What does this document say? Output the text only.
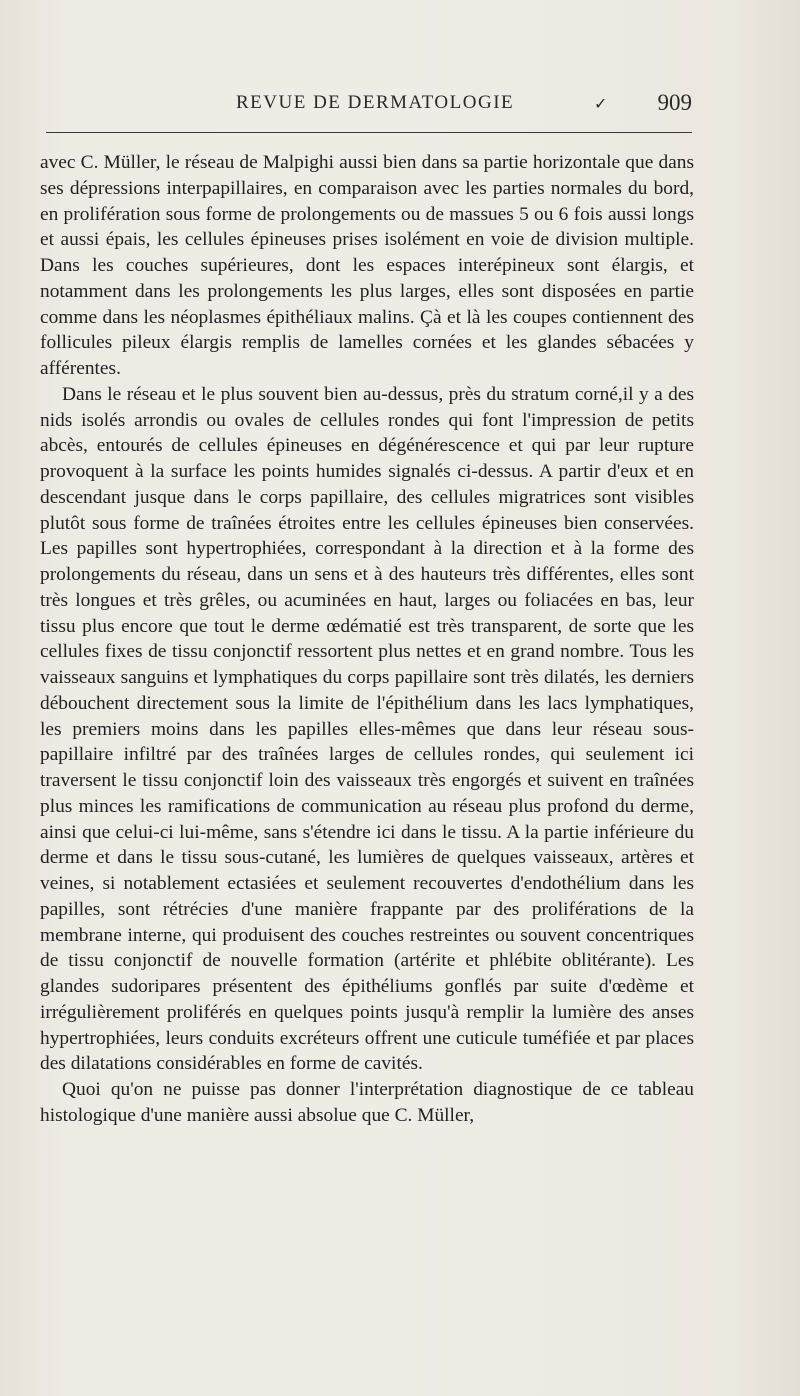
REVUE DE DERMATOLOGIE	✓ 909

avec C. Müller, le réseau de Malpighi aussi bien dans sa partie horizontale que dans ses dépressions interpapillaires, en comparaison avec les parties normales du bord, en prolifération sous forme de prolongements ou de massues 5 ou 6 fois aussi longs et aussi épais, les cellules épineuses prises isolément en voie de division multiple. Dans les couches supérieures, dont les espaces interépineux sont élargis, et notamment dans les prolongements les plus larges, elles sont disposées en partie comme dans les néoplasmes épithéliaux malins. Çà et là les coupes contiennent des follicules pileux élargis remplis de lamelles cornées et les glandes sébacées y afférentes.

Dans le réseau et le plus souvent bien au-dessus, près du stratum corné,il y a des nids isolés arrondis ou ovales de cellules rondes qui font l'impression de petits abcès, entourés de cellules épineuses en dégénérescence et qui par leur rupture provoquent à la surface les points humides signalés ci-dessus. A partir d'eux et en descendant jusque dans le corps papillaire, des cellules migratrices sont visibles plutôt sous forme de traînées étroites entre les cellules épineuses bien conservées. Les papilles sont hypertrophiées, correspondant à la direction et à la forme des prolongements du réseau, dans un sens et à des hauteurs très différentes, elles sont très longues et très grêles, ou acuminées en haut, larges ou foliacées en bas, leur tissu plus encore que tout le derme œdématié est très transparent, de sorte que les cellules fixes de tissu conjonctif ressortent plus nettes et en grand nombre. Tous les vaisseaux sanguins et lymphatiques du corps papillaire sont très dilatés, les derniers débouchent directement sous la limite de l'épithélium dans les lacs lymphatiques, les premiers moins dans les papilles elles-mêmes que dans leur réseau sous-papillaire infiltré par des traînées larges de cellules rondes, qui seulement ici traversent le tissu conjonctif loin des vaisseaux très engorgés et suivent en traînées plus minces les ramifications de communication au réseau plus profond du derme, ainsi que celui-ci lui-même, sans s'étendre ici dans le tissu. A la partie inférieure du derme et dans le tissu sous-cutané, les lumières de quelques vaisseaux, artères et veines, si notablement ectasiées et seulement recouvertes d'endothélium dans les papilles, sont rétrécies d'une manière frappante par des proliférations de la membrane interne, qui produisent des couches restreintes ou souvent concentriques de tissu conjonctif de nouvelle formation (artérite et phlébite oblitérante). Les glandes sudoripares présentent des épithéliums gonflés par suite d'œdème et irrégulièrement proliférés en quelques points jusqu'à remplir la lumière des anses hypertrophiées, leurs conduits excréteurs offrent une cuticule tuméfiée et par places des dilatations considérables en forme de cavités.

Quoi qu'on ne puisse pas donner l'interprétation diagnostique de ce tableau histologique d'une manière aussi absolue que C. Müller,
